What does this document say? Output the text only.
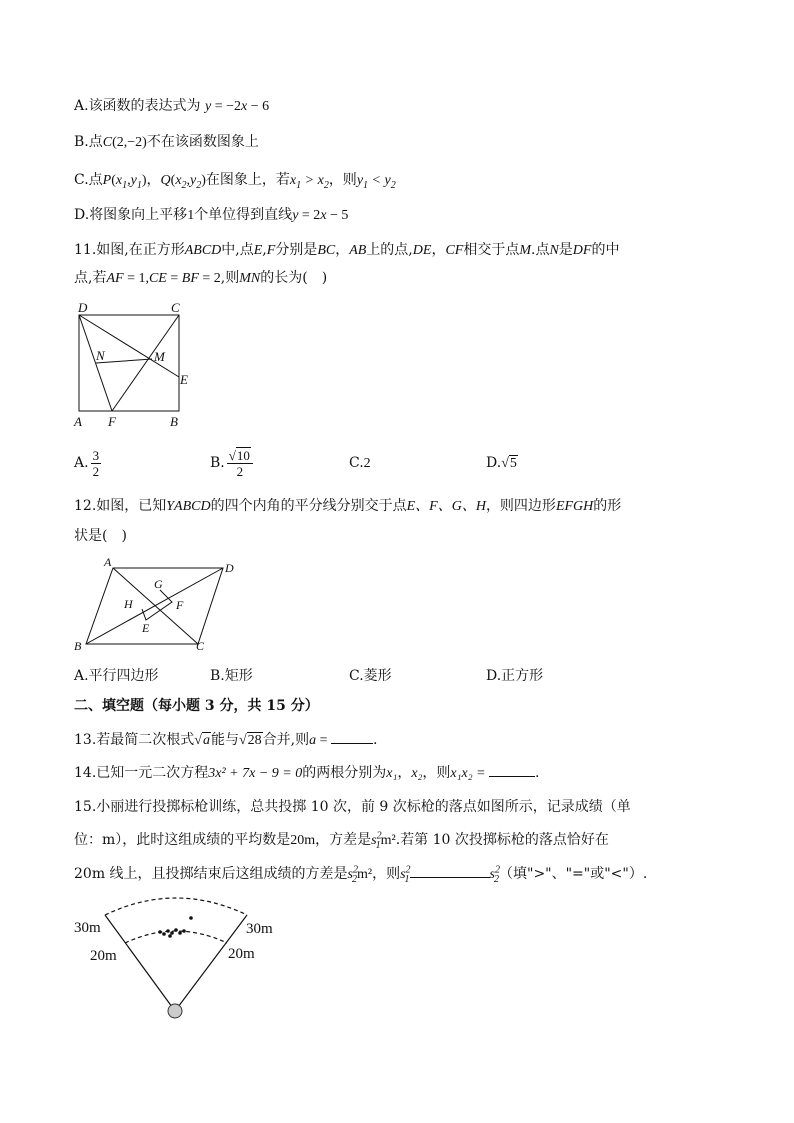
A.该函数的表达式为 y = −2x − 6
B.点C(2,−2)不在该函数图象上
C.点$P(x_1,y_1)$，$Q(x_2,y_2)$在图象上，若$x_1 > x_2$，则$y_1 < y_2$
D.将图象向上平移1个单位得到直线y = 2x − 5
11.如图,在正方形ABCD中,点E,F分别是BC，AB上的点,DE，CF相交于点M.点N是DF的中
点,若AF = 1,CE = BF = 2,则MN的长为(　)
D	C
N	M
E
A F	B
A. $\frac{3}{2}$	B. $\frac{√10}{2}$	C.2	D.√5
12.如图，已知ΥABCD的四个内角的平分线分别交于点E、F、G、H，则四边形EFGH的形
状是(　)
A	D
G
H	F
E
B	C
A.平行四边形	B.矩形	C.菱形	D.正方形
二、填空题（每小题 3 分，共 15 分）
13.若最简二次根式√a能与√28合并,则a =	.
14.已知一元二次方程3x² + 7x − 9 = 0的两根分别为x₁，x₂，则x₁x₂ =	.
15.小丽进行投掷标枪训练，总共投掷 10 次，前 9 次标枪的落点如图所示，记录成绩（单
位：m），此时这组成绩的平均数是20m，方差是$s^2_1m^2$.若第 10 次投掷标枪的落点恰好在
20m 线上，且投掷结束后这组成绩的方差是$s^2_2m^2$，则$s^2_1$	$s^2_2$（填">"、"="或"<"）.
30m	30m
20m	20m
